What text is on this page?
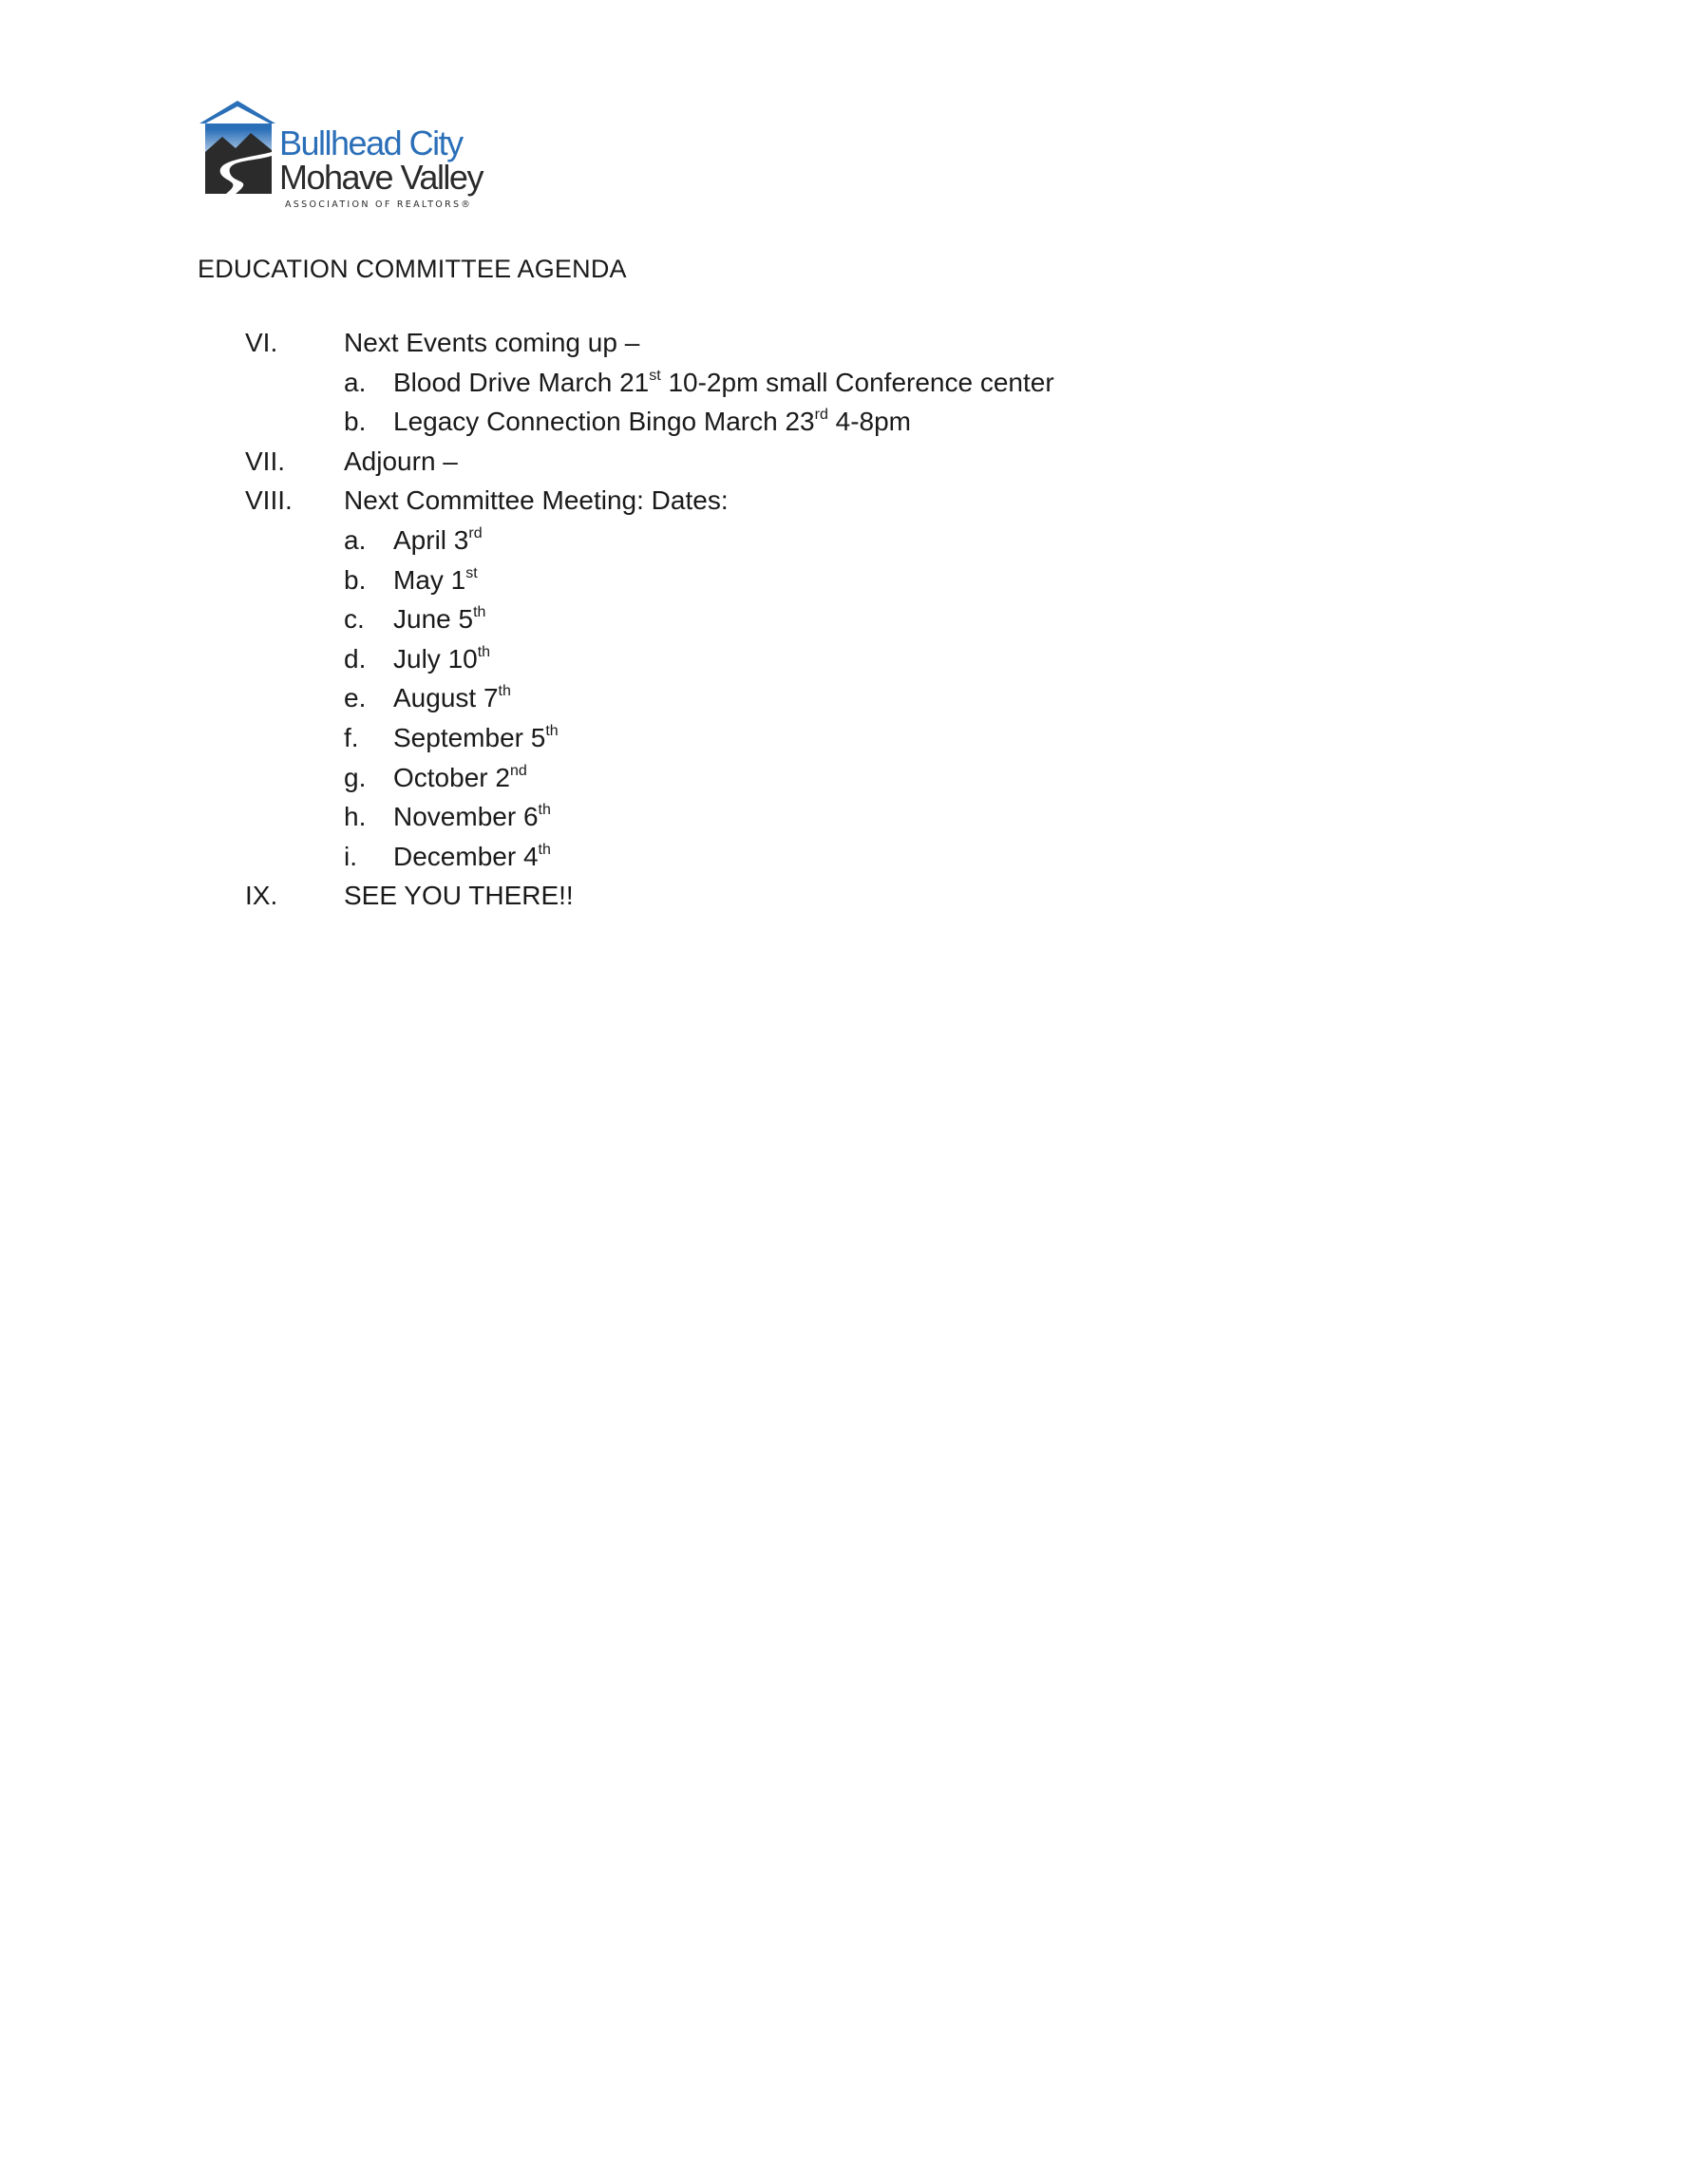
Bullhead City
Mohave Valley
ASSOCIATION OF REALTORS®
EDUCATION COMMITTEE AGENDA
VI. Next Events coming up –
a. Blood Drive March 21st 10-2pm small Conference center
b. Legacy Connection Bingo March 23rd 4-8pm
VII. Adjourn –
VIII. Next Committee Meeting: Dates:
a. April 3rd
b. May 1st
c. June 5th
d. July 10th
e. August 7th
f. September 5th
g. October 2nd
h. November 6th
i. December 4th
IX. SEE YOU THERE!!
